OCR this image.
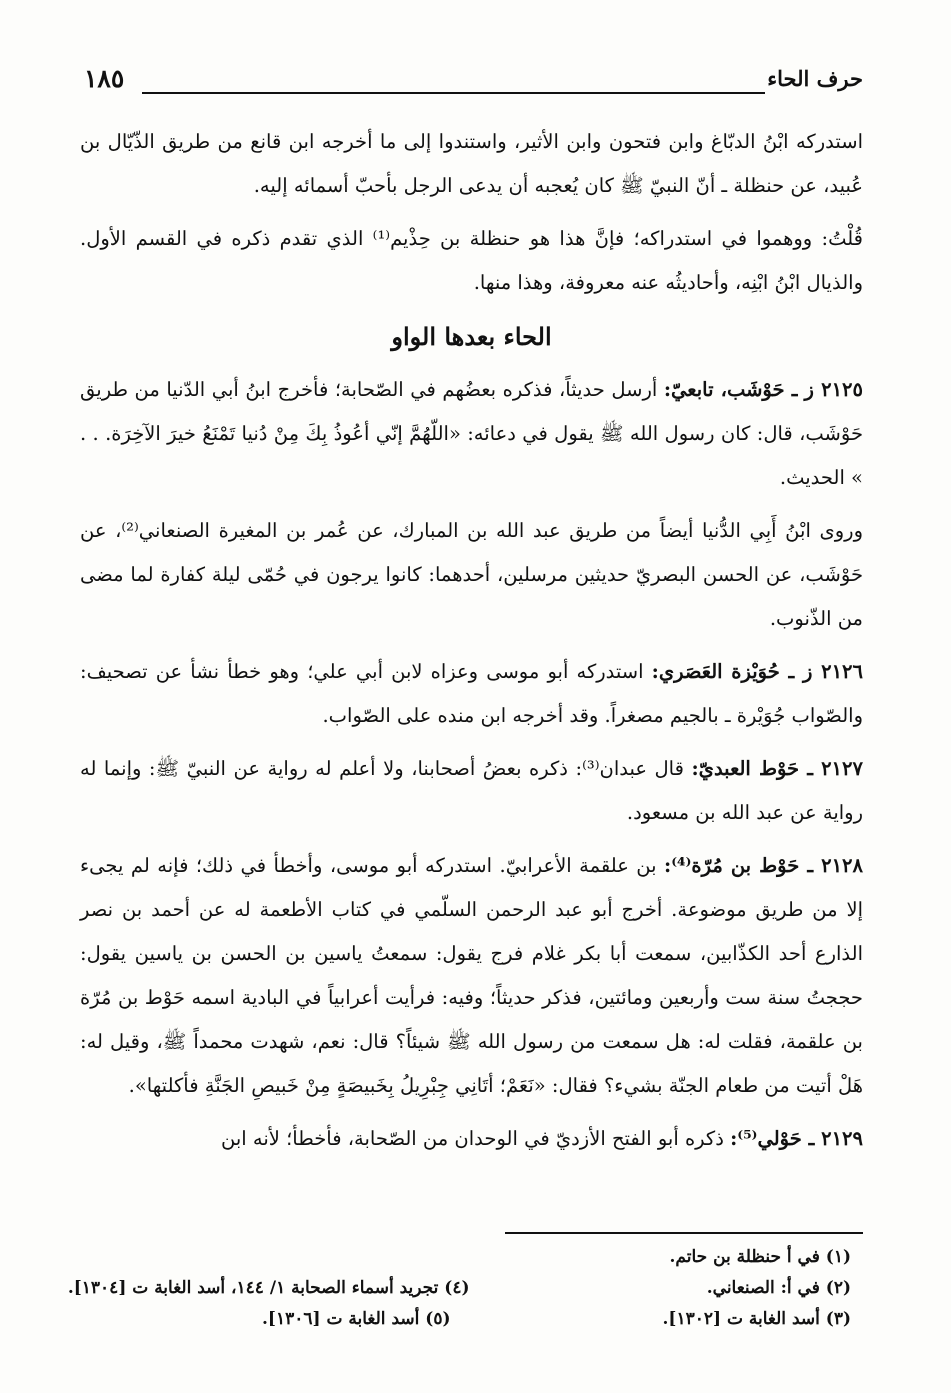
حرف الحاء
١٨٥

استدركه ابْنُ الدبّاغ وابن فتحون وابن الأثير، واستندوا إلى ما أخرجه ابن قانع من طريق الذّيّال بن عُبيد، عن حنظلة ـ أنّ النبيّ ﷺ كان يُعجبه أن يدعى الرجل بأحبّ أسمائه إليه.

قُلْتُ: ووهموا في استدراكه؛ فإنَّ هذا هو حنظلة بن حِذْيم⁽¹⁾ الذي تقدم ذكره في القسم الأول. والذيال ابْنُ ابْنِه، وأحاديثُه عنه معروفة، وهذا منها.

الحاء بعدها الواو

٢١٢٥ ز ـ حَوْشَب، تابعيّ: أرسل حديثاً، فذكره بعضُهم في الصّحابة؛ فأخرج ابنُ أبي الدّنيا من طريق حَوْشَب، قال: كان رسول الله ﷺ يقول في دعائه: «اللّهُمَّ إنّي أعُوذُ بِكَ مِنْ دُنيا تَمْنَعُ خيرَ الآخِرَة. . . » الحديث.

وروى ابْنُ أَبِي الدُّنيا أيضاً من طريق عبد الله بن المبارك، عن عُمر بن المغيرة الصنعاني⁽²⁾، عن حَوْشَب، عن الحسن البصريّ حديثين مرسلين، أحدهما: كانوا يرجون في حُمّى ليلة كفارة لما مضى من الذّنوب.

٢١٢٦ ز ـ حُوَيْزة العَصَري: استدركه أبو موسى وعزاه لابن أبي علي؛ وهو خطأ نشأ عن تصحيف: والصّواب جُوَيْرة ـ بالجيم مصغراً. وقد أخرجه ابن منده على الصّواب.

٢١٢٧ ـ حَوْط العبديّ: قال عبدان⁽³⁾: ذكره بعضُ أصحابنا، ولا أعلم له رواية عن النبيّ ﷺ: وإنما له رواية عن عبد الله بن مسعود.

٢١٢٨ ـ حَوْط بن مُرّة⁽⁴⁾: بن علقمة الأعرابيّ. استدركه أبو موسى، وأخطأ في ذلك؛ فإنه لم يجىء إلا من طريق موضوعة. أخرج أبو عبد الرحمن السلّمي في كتاب الأطعمة له عن أحمد بن نصر الذارع أحد الكذّابين، سمعت أبا بكر غلام فرج يقول: سمعتُ ياسين بن الحسن بن ياسين يقول: حججتُ سنة ست وأربعين ومائتين، فذكر حديثاً؛ وفيه: فرأيت أعرابياً في البادية اسمه حَوْط بن مُرّة بن علقمة، فقلت له: هل سمعت من رسول الله ﷺ شيئاً؟ قال: نعم، شهدت محمداً ﷺ، وقيل له: هَلْ أتيت من طعام الجنّة بشيء؟ فقال: «نَعَمْ؛ أتَانِي جِبْرِيلُ بِخَبيصَةٍ مِنْ خَبيصِ الجَنَّةِ فأكلتها».

٢١٢٩ ـ حَوْلي⁽⁵⁾: ذكره أبو الفتح الأزديّ في الوحدان من الصّحابة، فأخطأ؛ لأنه ابن

(١) في أ حنظلة بن حاتم.
(٢) في أ: الصنعاني.
(٤) تجريد أسماء الصحابة ١/ ١٤٤، أسد الغابة ت [١٣٠٤].
(٣) أسد الغابة ت [١٣٠٢].
(٥) أسد الغابة ت [١٣٠٦].
